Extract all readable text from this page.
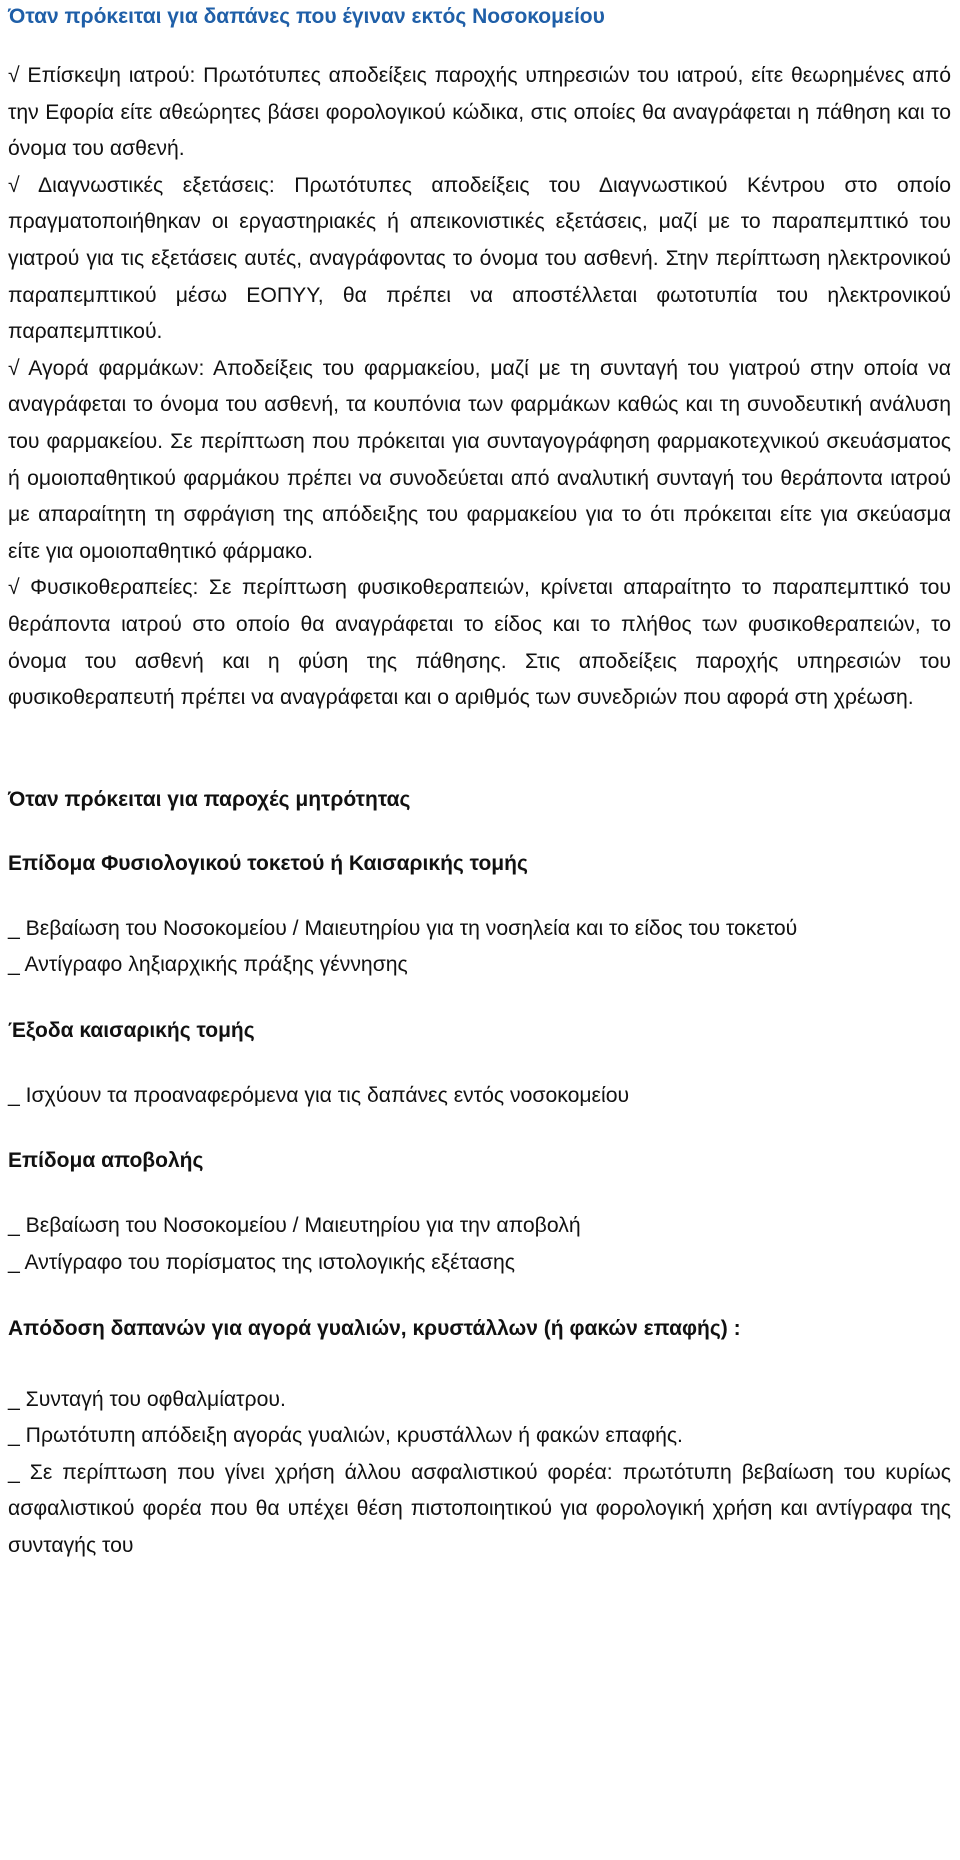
Όταν πρόκειται για δαπάνες που έγιναν εκτός Νοσοκομείου

√ Επίσκεψη ιατρού: Πρωτότυπες αποδείξεις παροχής υπηρεσιών του ιατρού, είτε θεωρημένες από την Εφορία είτε αθεώρητες βάσει φορολογικού κώδικα, στις οποίες θα αναγράφεται η πάθηση και το όνομα του ασθενή.

√ Διαγνωστικές εξετάσεις: Πρωτότυπες αποδείξεις του Διαγνωστικού Κέντρου στο οποίο πραγματοποιήθηκαν οι εργαστηριακές ή απεικονιστικές εξετάσεις, μαζί με το παραπεμπτικό του γιατρού για τις εξετάσεις αυτές, αναγράφοντας το όνομα του ασθενή. Στην περίπτωση ηλεκτρονικού παραπεμπτικού μέσω ΕΟΠΥΥ, θα πρέπει να αποστέλλεται φωτοτυπία του ηλεκτρονικού παραπεμπτικού.

√ Αγορά φαρμάκων: Αποδείξεις του φαρμακείου, μαζί με τη συνταγή του γιατρού στην οποία να αναγράφεται το όνομα του ασθενή, τα κουπόνια των φαρμάκων καθώς και τη συνοδευτική ανάλυση του φαρμακείου. Σε περίπτωση που πρόκειται για συνταγογράφηση φαρμακοτεχνικού σκευάσματος ή ομοιοπαθητικού φαρμάκου πρέπει να συνοδεύεται από αναλυτική συνταγή του θεράποντα ιατρού με απαραίτητη τη σφράγιση της απόδειξης του φαρμακείου για το ότι πρόκειται είτε για σκεύασμα είτε για ομοιοπαθητικό φάρμακο.

√ Φυσικοθεραπείες: Σε περίπτωση φυσικοθεραπειών, κρίνεται απαραίτητο το παραπεμπτικό του θεράποντα ιατρού στο οποίο θα αναγράφεται το είδος και το πλήθος των φυσικοθεραπειών, το όνομα του ασθενή και η φύση της πάθησης. Στις αποδείξεις παροχής υπηρεσιών του φυσικοθεραπευτή πρέπει να αναγράφεται και ο αριθμός των συνεδριών που αφορά στη χρέωση.

Όταν πρόκειται για παροχές μητρότητας
Επίδομα Φυσιολογικού τοκετού ή Καισαρικής τομής

_ Βεβαίωση του Νοσοκομείου / Μαιευτηρίου για τη νοσηλεία και το είδος του τοκετού

_ Αντίγραφο ληξιαρχικής πράξης γέννησης

Έξοδα καισαρικής τομής

_ Ισχύουν τα προαναφερόμενα για τις δαπάνες εντός νοσοκομείου

Επίδομα αποβολής

_ Βεβαίωση του Νοσοκομείου / Μαιευτηρίου για την αποβολή

_ Αντίγραφο του πορίσματος της ιστολογικής εξέτασης

Απόδοση δαπανών για αγορά γυαλιών, κρυστάλλων (ή φακών επαφής) :

_ Συνταγή του οφθαλμίατρου.

_ Πρωτότυπη απόδειξη αγοράς γυαλιών, κρυστάλλων ή φακών επαφής.

_ Σε περίπτωση που γίνει χρήση άλλου ασφαλιστικού φορέα: πρωτότυπη βεβαίωση του κυρίως ασφαλιστικού φορέα που θα υπέχει θέση πιστοποιητικού για φορολογική χρήση και αντίγραφα της συνταγής του
